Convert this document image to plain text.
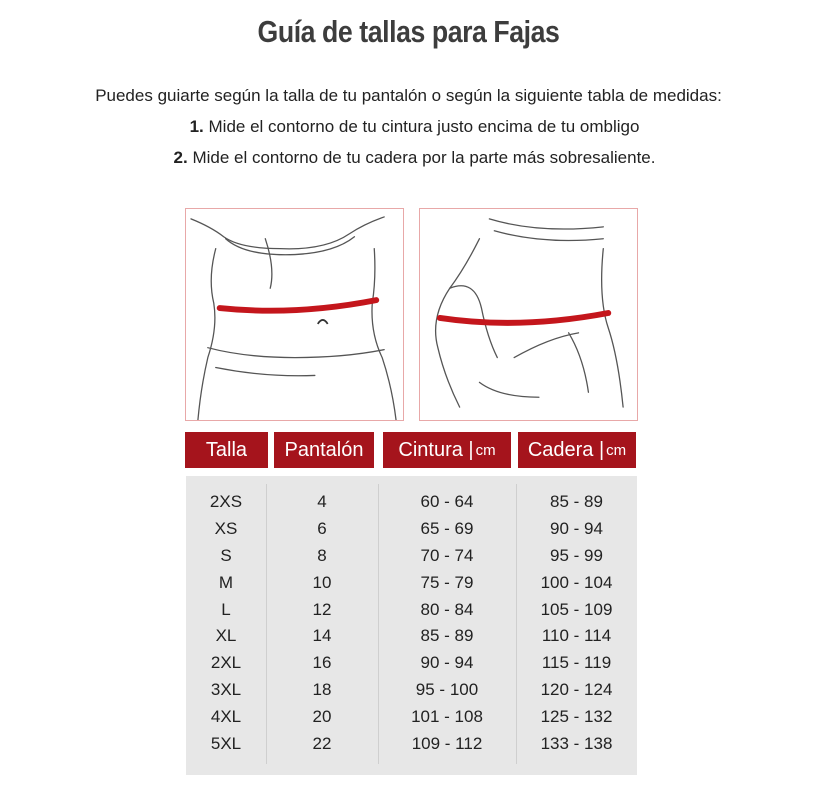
Guía de tallas para Fajas
Puedes guiarte según la talla de tu pantalón o según la siguiente tabla de medidas:
1. Mide el contorno de tu cintura justo encima de tu ombligo
2. Mide el contorno de tu cadera por la parte más sobresaliente.
Talla Pantalón Cintura | cm Cadera | cm
2XS	4	60 - 64	85 - 89
XS	6	65 - 69	90 - 94
S	8	70 - 74	95 - 99
M	10	75 - 79	100 - 104
L	12	80 - 84	105 - 109
XL	14	85 - 89	110 - 114
2XL	16	90 - 94	115 - 119
3XL	18	95 - 100	120 - 124
4XL	20	101 - 108	125 - 132
5XL	22	109 - 112	133 - 138
